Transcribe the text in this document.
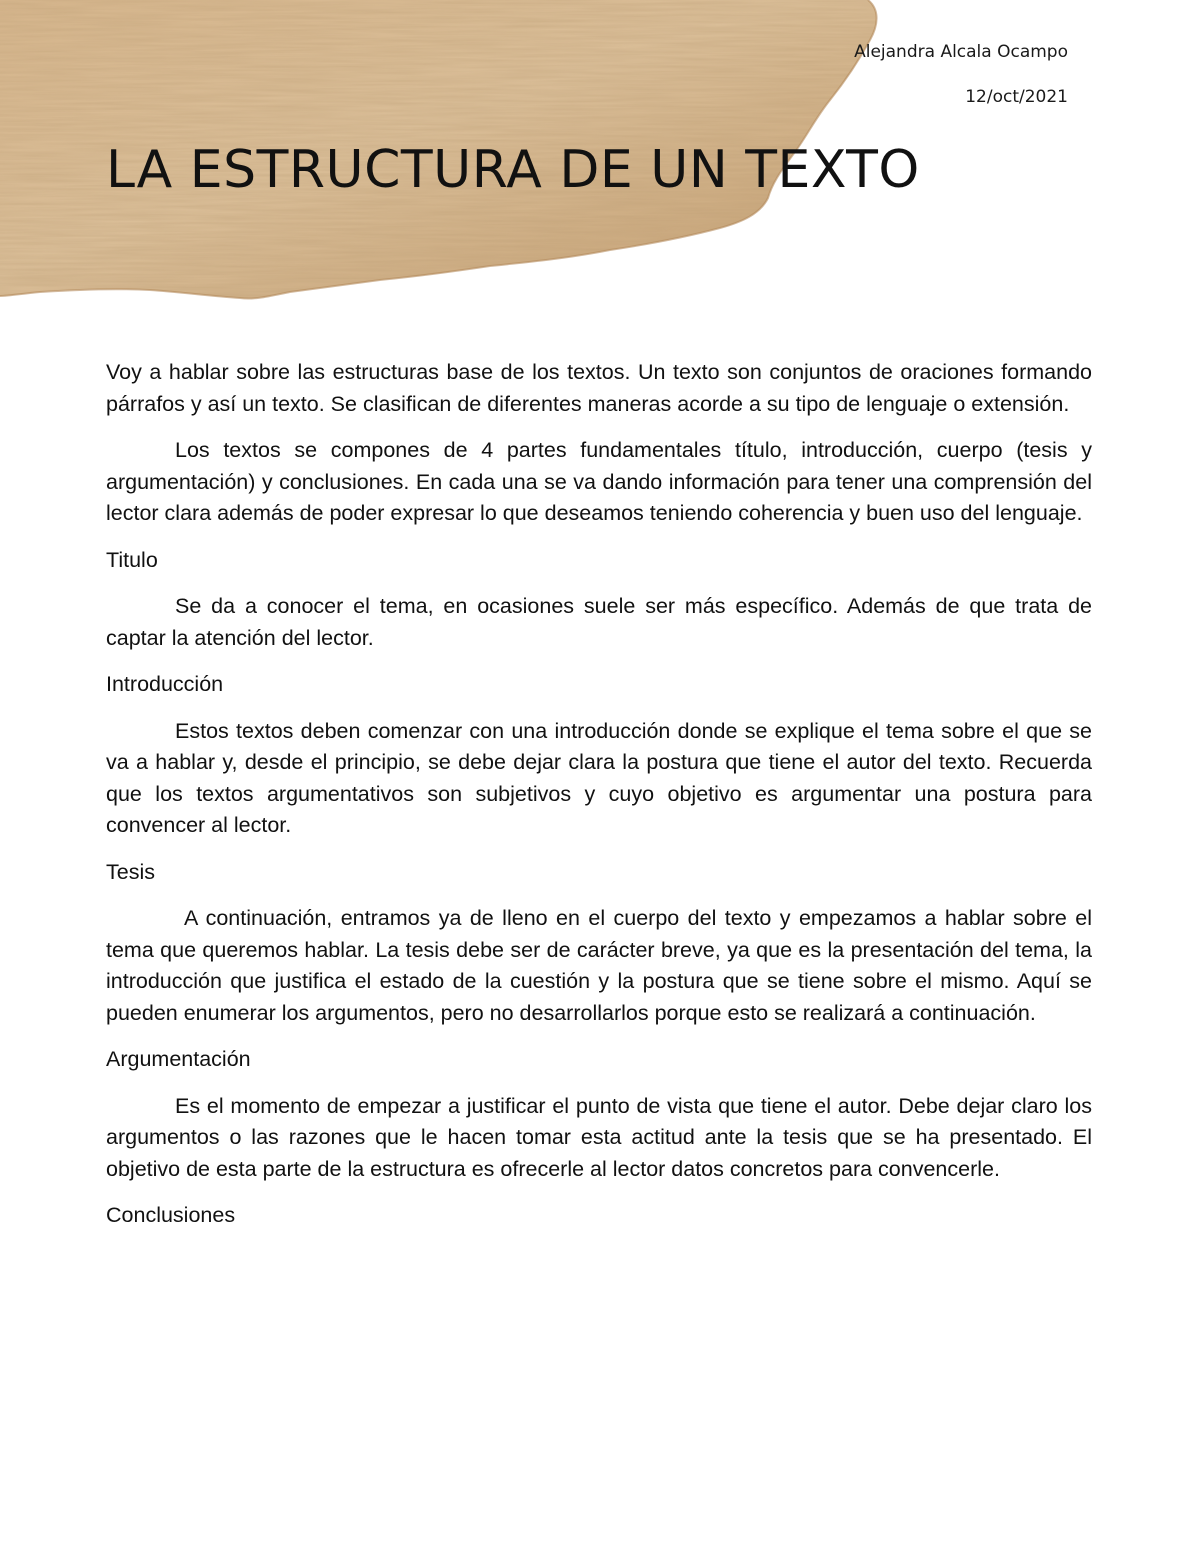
Alejandra Alcala Ocampo
12/oct/2021
LA ESTRUCTURA DE UN TEXTO

Voy a hablar sobre las estructuras base de los textos. Un texto son conjuntos de oraciones formando párrafos y así un texto. Se clasifican de diferentes maneras acorde a su tipo de lenguaje o extensión.

Los textos se compones de 4 partes fundamentales título, introducción, cuerpo (tesis y argumentación) y conclusiones. En cada una se va dando información para tener una comprensión del lector clara además de poder expresar lo que deseamos teniendo coherencia y buen uso del lenguaje.

Titulo

Se da a conocer el tema, en ocasiones suele ser más específico. Además de que trata de captar la atención del lector.

Introducción

Estos textos deben comenzar con una introducción donde se explique el tema sobre el que se va a hablar y, desde el principio, se debe dejar clara la postura que tiene el autor del texto. Recuerda que los textos argumentativos son subjetivos y cuyo objetivo es argumentar una postura para convencer al lector.

Tesis

A continuación, entramos ya de lleno en el cuerpo del texto y empezamos a hablar sobre el tema que queremos hablar. La tesis debe ser de carácter breve, ya que es la presentación del tema, la introducción que justifica el estado de la cuestión y la postura que se tiene sobre el mismo. Aquí se pueden enumerar los argumentos, pero no desarrollarlos porque esto se realizará a continuación.

Argumentación

Es el momento de empezar a justificar el punto de vista que tiene el autor. Debe dejar claro los argumentos o las razones que le hacen tomar esta actitud ante la tesis que se ha presentado. El objetivo de esta parte de la estructura es ofrecerle al lector datos concretos para convencerle.

Conclusiones
